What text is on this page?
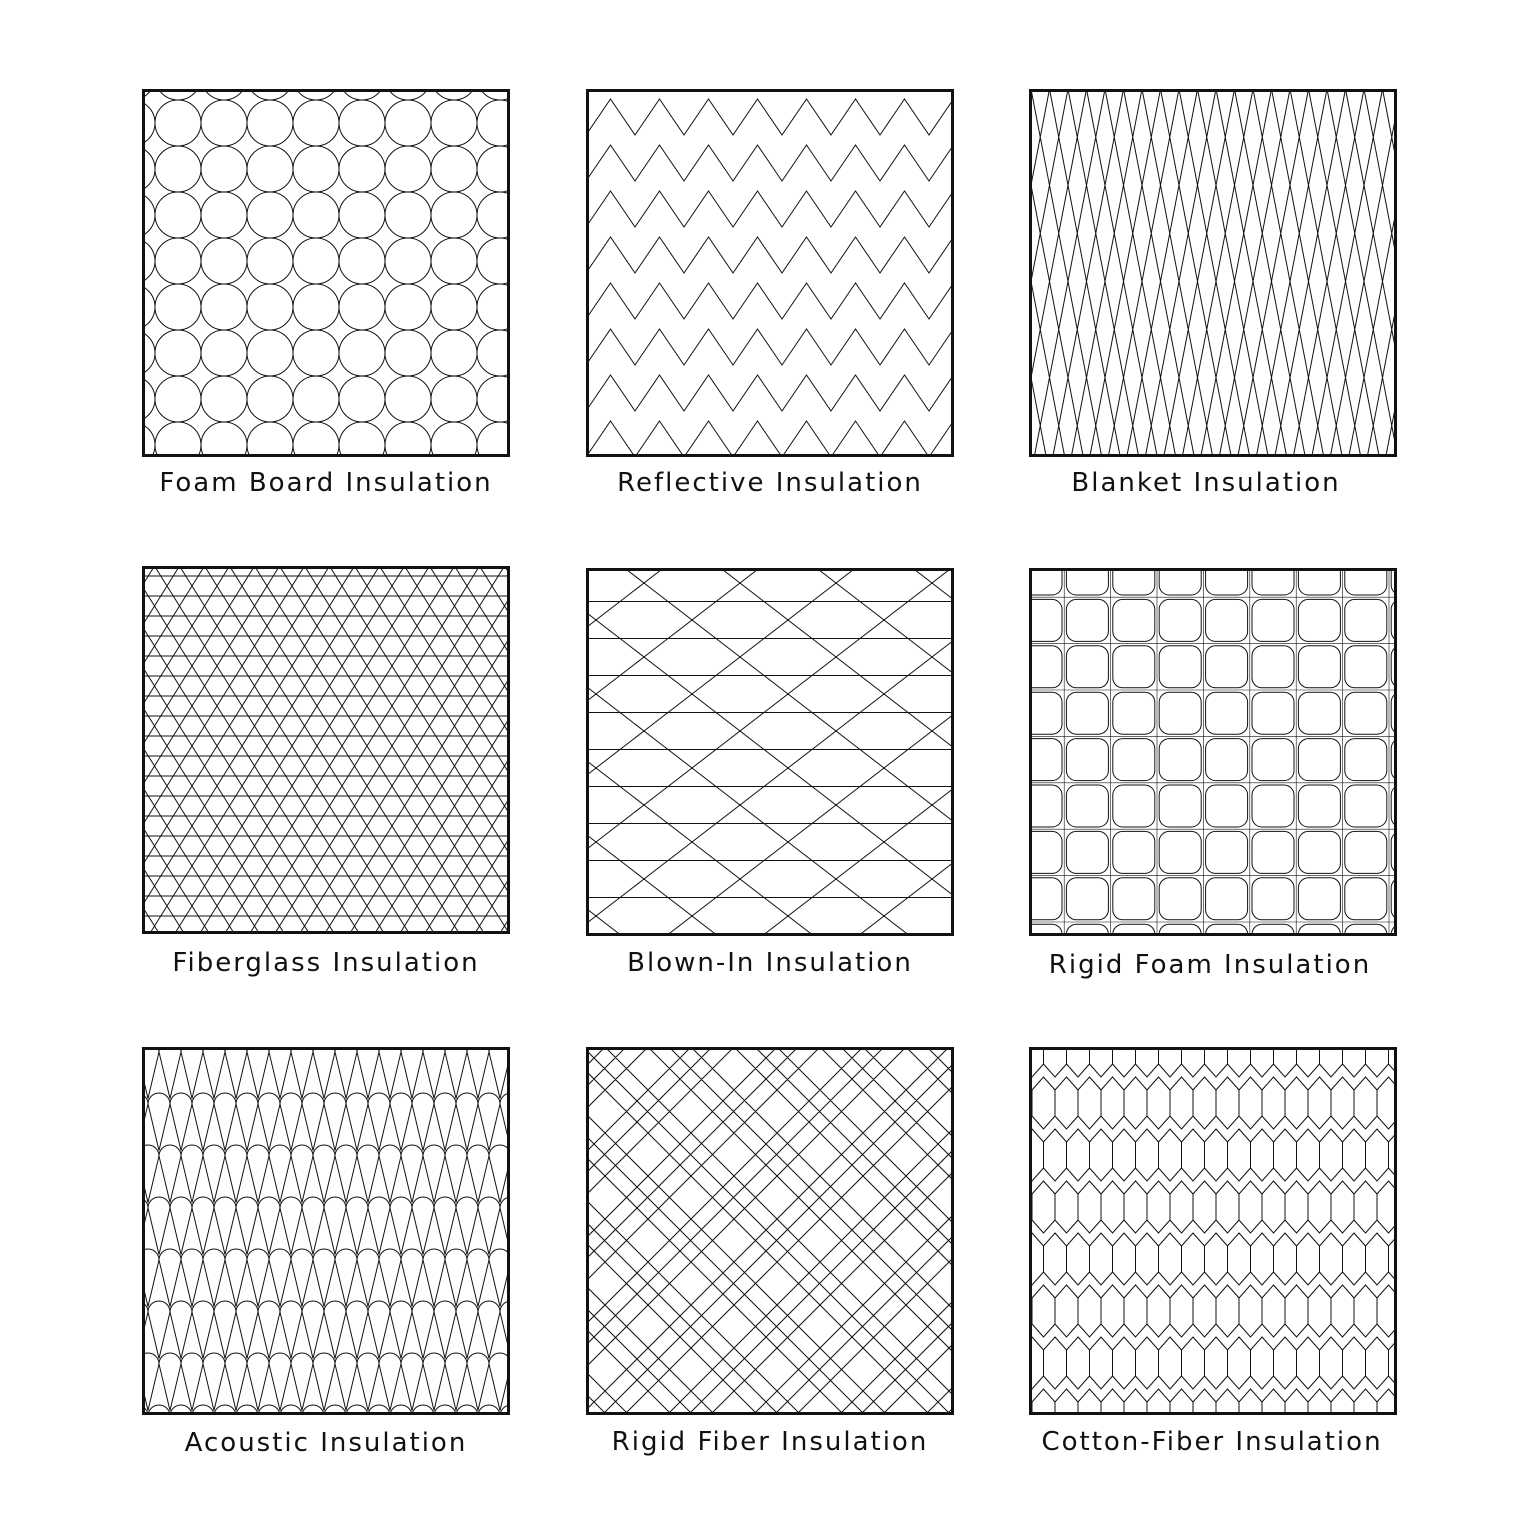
Foam Board Insulation	Reflective Insulation	Blanket Insulation
Fiberglass Insulation	Blown-In Insulation	Rigid Foam Insulation
Acoustic Insulation	Rigid Fiber Insulation	Cotton-Fiber Insulation
